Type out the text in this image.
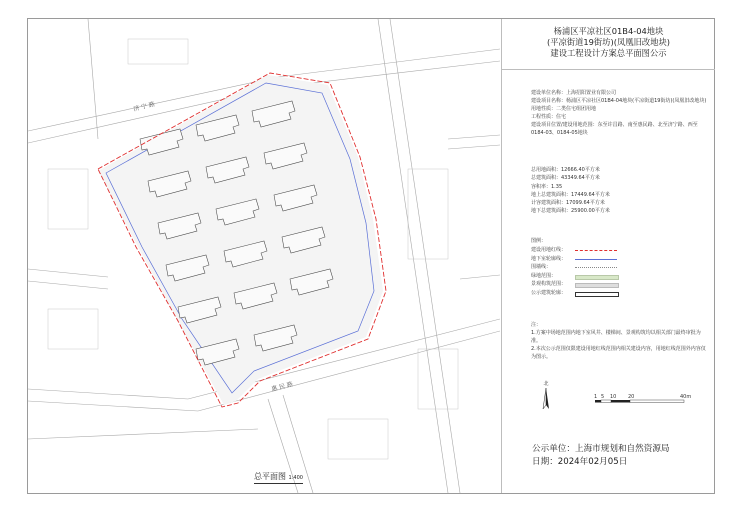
济 宁 路
惠 民 路
总平面图 1:400
杨浦区平凉社区01B4-04地块
(平凉街道19街坊)(凤凰旧改地块)
建设工程设计方案总平面图公示
建设单位名称：上海招阳置业有限公司
建设项目名称：杨浦区平凉社区01B4-04地块(平凉街道19街坊)(凤凰旧改地块)
用地性质：二类住宅组团用地
工程性质：住宅
建设项目位置/建设用地范围：东至许昌路、南至惠民路、北至济宁路、西至0184-03、0184-05地块
总用地面积：12666.40平方米
总建筑面积：43349.64平方米
容积率：1.35
地上总建筑面积：17449.64平方米
计容建筑面积：17099.64平方米
地下总建筑面积：25900.00平方米
图例：
建设用地红线：
地下室轮廓线：
围墙线：
绿地范围：
景观构筑范围：
公示建筑轮廓：
注：
1.方案中场地范围内地下室风井、楼梯间、景观构筑均以相关部门最终审批为准。
2.本次公示范围仅限建设用地红线范围内相关建设内容，用地红线范围外内容仅为图示。
北
1 5 10 20	40m
公示单位：上海市规划和自然资源局
日期：2024年02月05日
